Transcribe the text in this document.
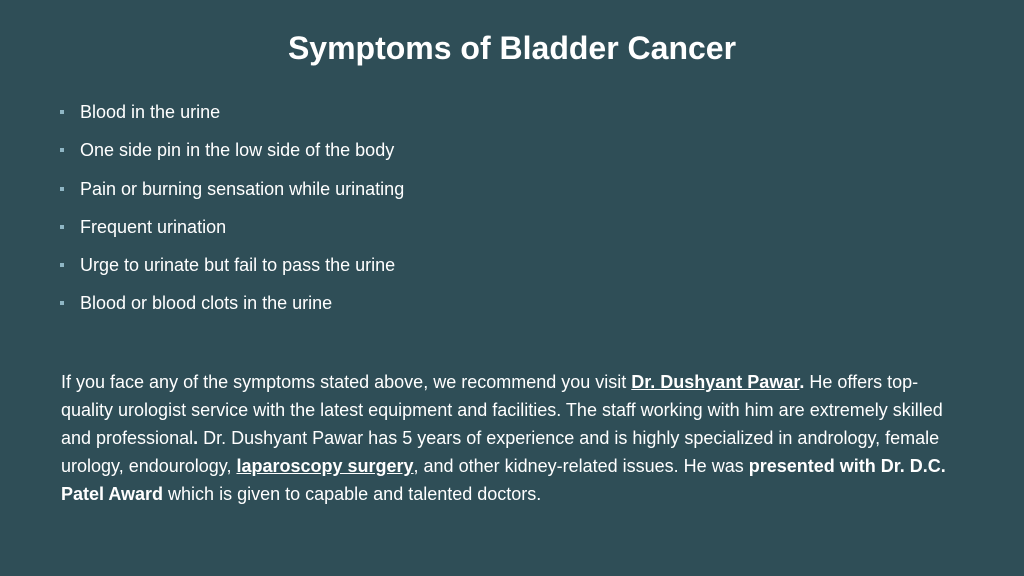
Symptoms of Bladder Cancer
Blood in the urine
One side pin in the low side of the body
Pain or burning sensation while urinating
Frequent urination
Urge to urinate but fail to pass the urine
Blood or blood clots in the urine

If you face any of the symptoms stated above, we recommend you visit Dr. Dushyant Pawar. He offers top-quality urologist service with the latest equipment and facilities. The staff working with him are extremely skilled and professional. Dr. Dushyant Pawar has 5 years of experience and is highly specialized in andrology, female urology, endourology, laparoscopy surgery, and other kidney-related issues. He was presented with Dr. D.C. Patel Award which is given to capable and talented doctors.
